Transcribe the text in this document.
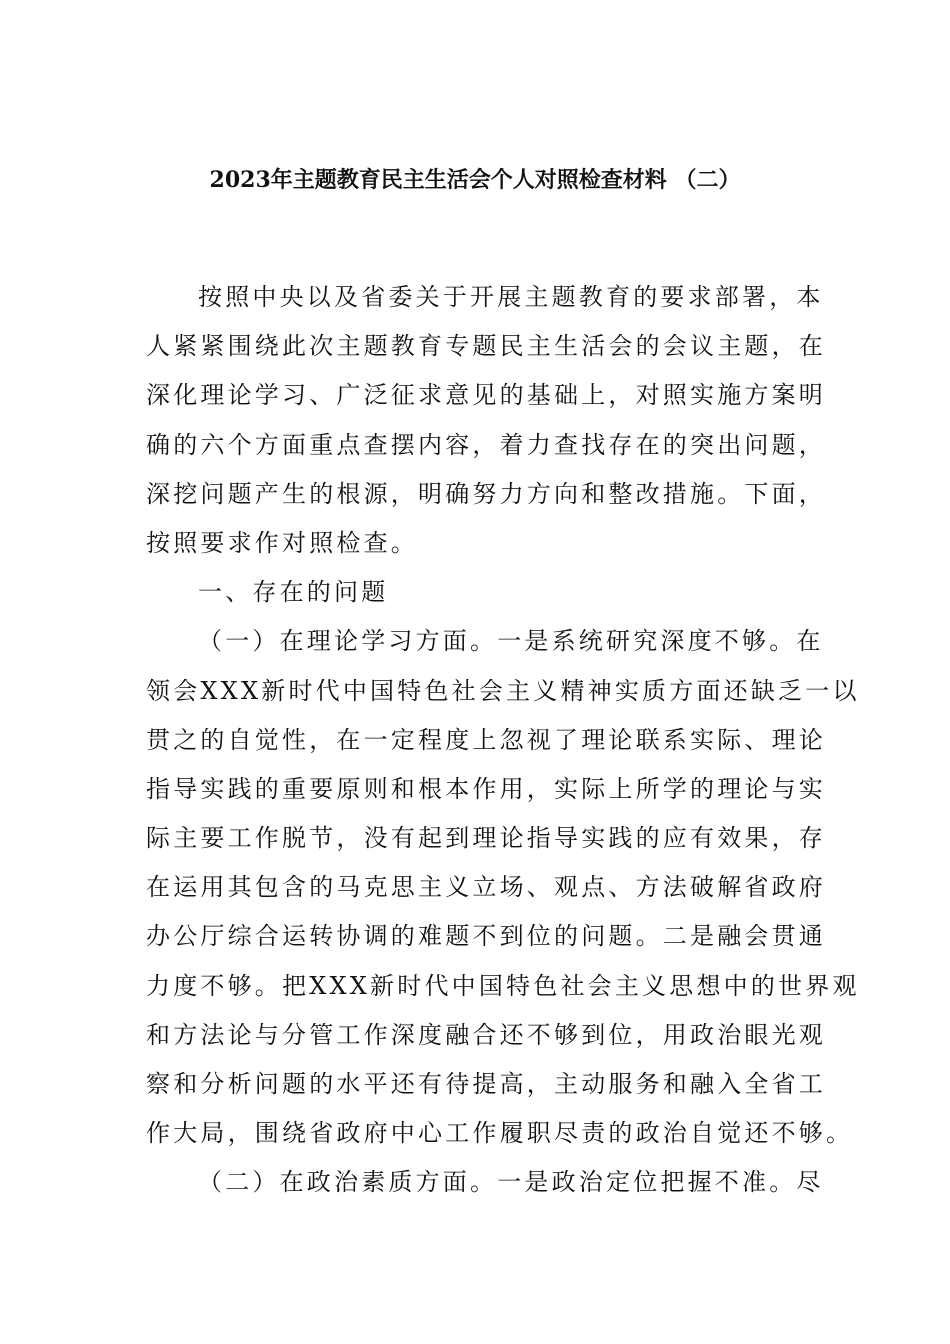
2023年主题教育民主生活会个人对照检查材料 （二）
按照中央以及省委关于开展主题教育的要求部署，本
人紧紧围绕此次主题教育专题民主生活会的会议主题，在
深化理论学习、广泛征求意见的基础上，对照实施方案明
确的六个方面重点查摆内容，着力查找存在的突出问题，
深挖问题产生的根源，明确努力方向和整改措施。下面，
按照要求作对照检查。
一、存在的问题
（一）在理论学习方面。一是系统研究深度不够。在
领会XXX新时代中国特色社会主义精神实质方面还缺乏一以
贯之的自觉性，在一定程度上忽视了理论联系实际、理论
指导实践的重要原则和根本作用，实际上所学的理论与实
际主要工作脱节，没有起到理论指导实践的应有效果，存
在运用其包含的马克思主义立场、观点、方法破解省政府
办公厅综合运转协调的难题不到位的问题。二是融会贯通
力度不够。把XXX新时代中国特色社会主义思想中的世界观
和方法论与分管工作深度融合还不够到位，用政治眼光观
察和分析问题的水平还有待提高，主动服务和融入全省工
作大局，围绕省政府中心工作履职尽责的政治自觉还不够。
（二）在政治素质方面。一是政治定位把握不准。尽
